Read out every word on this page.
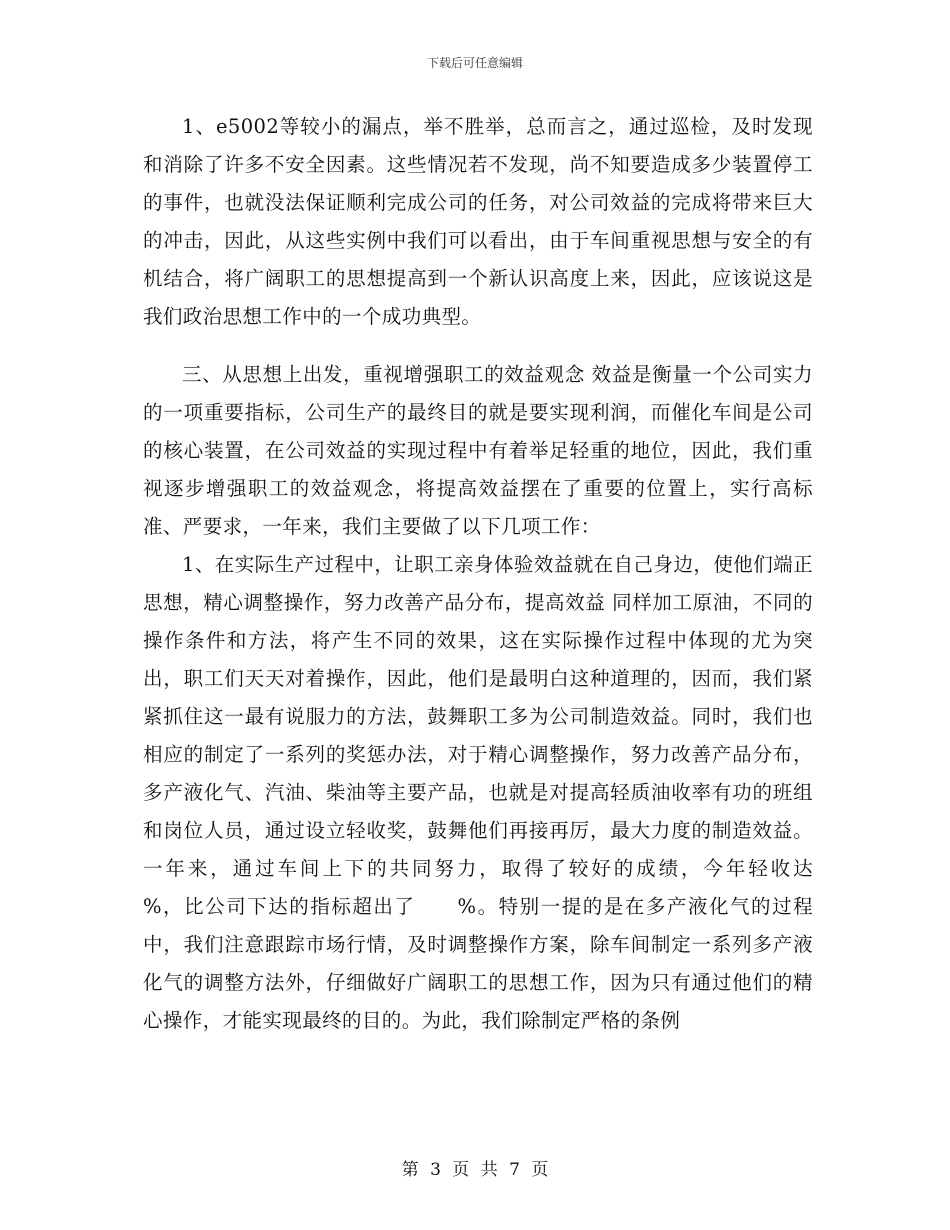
下载后可任意编辑

1、e5002等较小的漏点，举不胜举，总而言之，通过巡检，及时发现和消除了许多不安全因素。这些情况若不发现，尚不知要造成多少装置停工的事件，也就没法保证顺利完成公司的任务，对公司效益的完成将带来巨大的冲击，因此，从这些实例中我们可以看出，由于车间重视思想与安全的有机结合，将广阔职工的思想提高到一个新认识高度上来，因此，应该说这是我们政治思想工作中的一个成功典型。

三、从思想上出发，重视增强职工的效益观念 效益是衡量一个公司实力的一项重要指标，公司生产的最终目的就是要实现利润，而催化车间是公司的核心装置，在公司效益的实现过程中有着举足轻重的地位，因此，我们重视逐步增强职工的效益观念，将提高效益摆在了重要的位置上，实行高标准、严要求，一年来，我们主要做了以下几项工作：

1、在实际生产过程中，让职工亲身体验效益就在自己身边，使他们端正思想，精心调整操作，努力改善产品分布，提高效益 同样加工原油，不同的操作条件和方法，将产生不同的效果，这在实际操作过程中体现的尤为突出，职工们天天对着操作，因此，他们是最明白这种道理的，因而，我们紧紧抓住这一最有说服力的方法，鼓舞职工多为公司制造效益。同时，我们也相应的制定了一系列的奖惩办法，对于精心调整操作，努力改善产品分布，多产液化气、汽油、柴油等主要产品，也就是对提高轻质油收率有功的班组和岗位人员，通过设立轻收奖，鼓舞他们再接再厉，最大力度的制造效益。一年来，通过车间上下的共同努力，取得了较好的成绩，今年轻收达　　%，比公司下达的指标超出了　　%。特别一提的是在多产液化气的过程中，我们注意跟踪市场行情，及时调整操作方案，除车间制定一系列多产液化气的调整方法外，仔细做好广阔职工的思想工作，因为只有通过他们的精心操作，才能实现最终的目的。为此，我们除制定严格的条例

第 3 页 共 7 页
